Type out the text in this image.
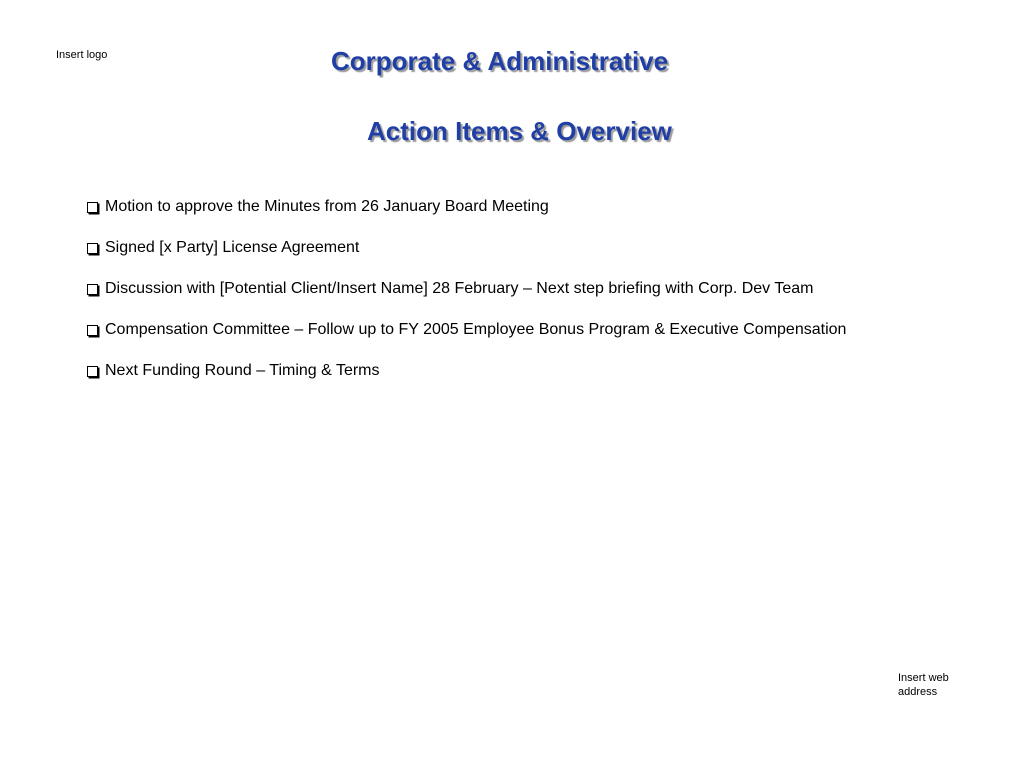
Insert logo	Corporate & Administrative
Action Items & Overview
Motion to approve the Minutes from 26 January Board Meeting
Signed [x Party] License Agreement
Discussion with [Potential Client/Insert Name] 28 February – Next step briefing with Corp. Dev Team
Compensation Committee – Follow up to FY 2005 Employee Bonus Program & Executive Compensation
Next Funding Round – Timing & Terms
Insert web address
